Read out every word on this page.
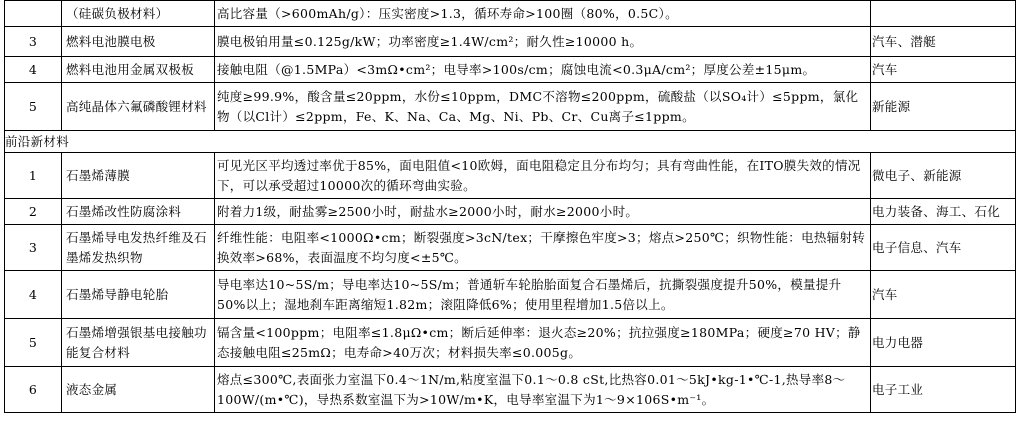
	（硅碳负极材料）	高比容量（>600mAh/g）：压实密度>1.3，循环寿命>100圈（80%，0.5C）。	
3	燃料电池膜电极	膜电极铂用量≤0.125g/kW；功率密度≥1.4W/cm²；耐久性≥10000 h。	汽车、潜艇
4	燃料电池用金属双极板	接触电阻（@1.5MPa）<3mΩ•cm²；电导率>100s/cm；腐蚀电流<0.3μA/cm²；厚度公差±15μm。	汽车
5	高纯晶体六氟磷酸锂材料	纯度≥99.9%，酸含量≤20ppm，水份≤10ppm，DMC不溶物≤200ppm，硫酸盐（以SO₄计）≤5ppm，氯化物（以Cl计）≤2ppm，Fe、K、Na、Ca、Mg、Ni、Pb、Cr、Cu离子≤1ppm。	新能源
前沿新材料			
1	石墨烯薄膜	可见光区平均透过率优于85%，面电阻值<10欧姆，面电阻稳定且分布均匀；具有弯曲性能，在ITO膜失效的情况下，可以承受超过10000次的循环弯曲实验。	微电子、新能源
2	石墨烯改性防腐涂料	附着力1级，耐盐雾≥2500小时，耐盐水≥2000小时，耐水≥2000小时。	电力装备、海工、石化
3	石墨烯导电发热纤维及石墨烯发热织物	纤维性能：电阻率<1000Ω•cm；断裂强度>3cN/tex；干摩擦色牢度>3；熔点>250℃；织物性能：电热辐射转换效率>68%，表面温度不均匀度<±5℃。	电子信息、汽车
4	石墨烯导静电轮胎	导电率达10~5S/m；导电率达10~5S/m；普通斩车轮胎胎面复合石墨烯后，抗撕裂强度提升50%，模量提升50%以上；湿地刹车距离缩短1.82m；滚阻降低6%；使用里程增加1.5倍以上。	汽车
5	石墨烯增强银基电接触功能复合材料	镉含量<100ppm；电阻率≤1.8μΩ•cm；断后延伸率：退火态≥20%；抗拉强度≥180MPa；硬度≥70 HV；静态接触电阻≤25mΩ；电寿命>40万次；材料损失率≤0.005g。	电力电器
6	液态金属	熔点≤300℃,表面张力室温下0.4～1N/m,粘度室温下0.1～0.8 cSt,比热容0.01～5kJ•kg-1•℃-1,热导率8～100W/(m•℃)，导热系数室温下为>10W/m•K，电导率室温下为1～9×106S•m⁻¹。	电子工业
